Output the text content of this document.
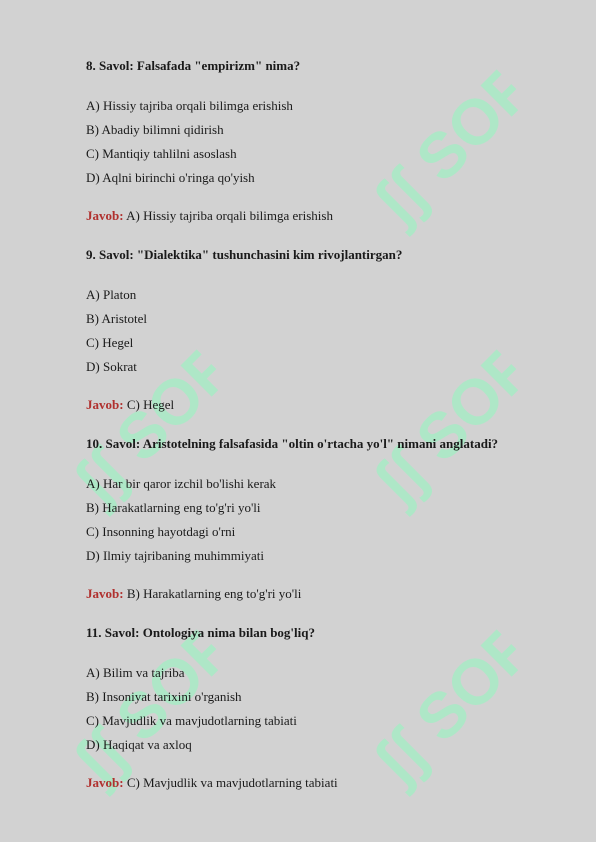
ʃʃ SOFF
ʃʃ SOFF
ʃʃ SOFF
ʃʃ SOFF
ʃʃ SOFF

8. Savol: Falsafada "empirizm" nima?

A) Hissiy tajriba orqali bilimga erishish
B) Abadiy bilimni qidirish
C) Mantiqiy tahlilni asoslash
D) Aqlni birinchi o'ringa qo'yish
Javob: A) Hissiy tajriba orqali bilimga erishish

9. Savol: "Dialektika" tushunchasini kim rivojlantirgan?

A) Platon
B) Aristotel
C) Hegel
D) Sokrat
Javob: C) Hegel

10. Savol: Aristotelning falsafasida "oltin o'rtacha yo'l" nimani anglatadi?

A) Har bir qaror izchil bo'lishi kerak
B) Harakatlarning eng to'g'ri yo'li
C) Insonning hayotdagi o'rni
D) Ilmiy tajribaning muhimmiyati
Javob: B) Harakatlarning eng to'g'ri yo'li

11. Savol: Ontologiya nima bilan bog'liq?

A) Bilim va tajriba
B) Insoniyat tarixini o'rganish
C) Mavjudlik va mavjudotlarning tabiati
D) Haqiqat va axloq
Javob: C) Mavjudlik va mavjudotlarning tabiati
